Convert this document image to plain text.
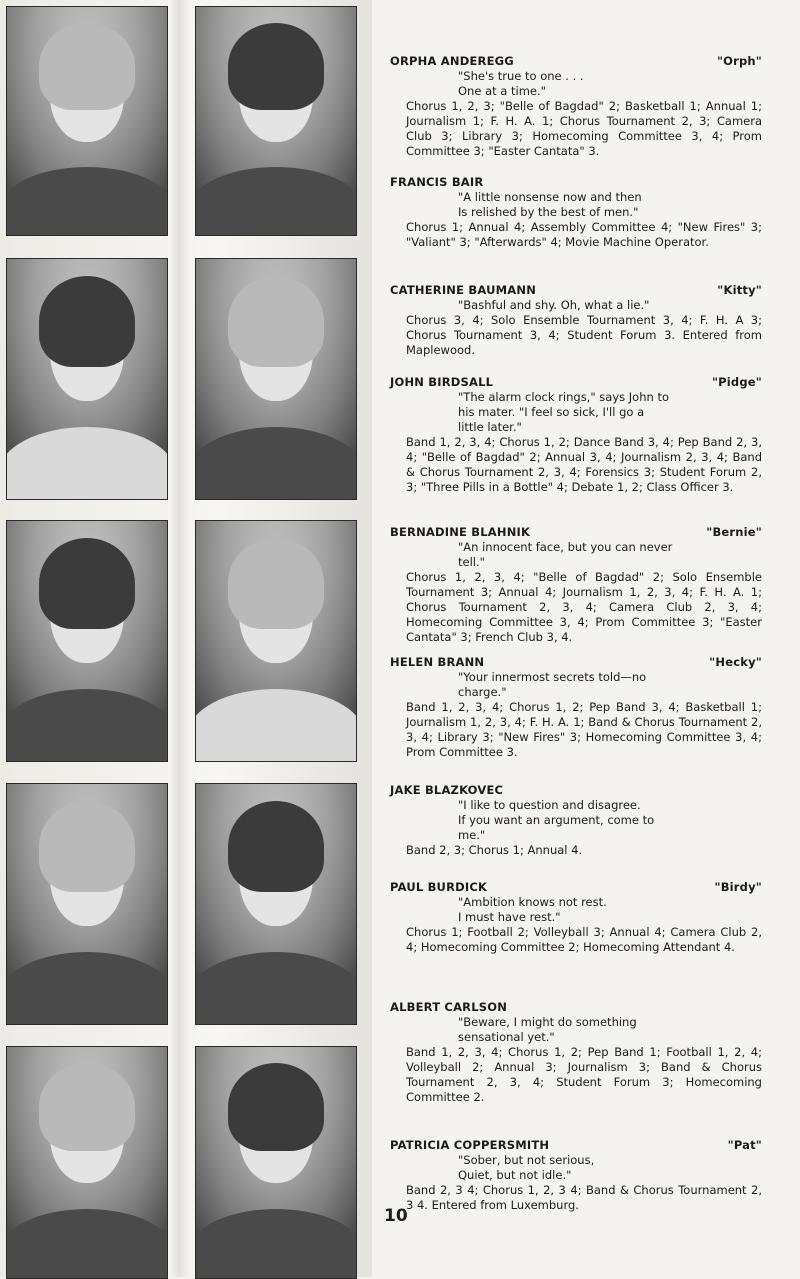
ORPHA ANDEREGG	"Orph"
"She's true to one . . .
One at a time."
Chorus 1, 2, 3; "Belle of Bagdad" 2; Basketball 1; Annual 1; Journalism 1; F. H. A. 1; Chorus Tournament 2, 3; Camera Club 3; Library 3; Homecoming Committee 3, 4; Prom Committee 3; "Easter Cantata" 3.
FRANCIS BAIR
"A little nonsense now and then
Is relished by the best of men."
Chorus 1; Annual 4; Assembly Committee 4; "New Fires" 3; "Valiant" 3; "Afterwards" 4; Movie Machine Operator.
CATHERINE BAUMANN	"Kitty"
"Bashful and shy. Oh, what a lie."
Chorus 3, 4; Solo Ensemble Tournament 3, 4; F. H. A 3; Chorus Tournament 3, 4; Student Forum 3. Entered from Maplewood.
JOHN BIRDSALL	"Pidge"
"The alarm clock rings," says John to
his mater. "I feel so sick, I'll go a
little later."
Band 1, 2, 3, 4; Chorus 1, 2; Dance Band 3, 4; Pep Band 2, 3, 4; "Belle of Bagdad" 2; Annual 3, 4; Journalism 2, 3, 4; Band & Chorus Tournament 2, 3, 4; Forensics 3; Student Forum 2, 3; "Three Pills in a Bottle" 4; Debate 1, 2; Class Officer 3.
BERNADINE BLAHNIK	"Bernie"
"An innocent face, but you can never
tell."
Chorus 1, 2, 3, 4; "Belle of Bagdad" 2; Solo Ensemble Tournament 3; Annual 4; Journalism 1, 2, 3, 4; F. H. A. 1; Chorus Tournament 2, 3, 4; Camera Club 2, 3, 4; Homecoming Committee 3, 4; Prom Committee 3; "Easter Cantata" 3; French Club 3, 4.
HELEN BRANN	"Hecky"
"Your innermost secrets told—no
charge."
Band 1, 2, 3, 4; Chorus 1, 2; Pep Band 3, 4; Basketball 1; Journalism 1, 2, 3, 4; F. H. A. 1; Band & Chorus Tournament 2, 3, 4; Library 3; "New Fires" 3; Homecoming Committee 3, 4; Prom Committee 3.
JAKE BLAZKOVEC
"I like to question and disagree.
If you want an argument, come to
me."
Band 2, 3; Chorus 1; Annual 4.
PAUL BURDICK	"Birdy"
"Ambition knows not rest.
I must have rest."
Chorus 1; Football 2; Volleyball 3; Annual 4; Camera Club 2, 4; Homecoming Committee 2; Homecoming Attendant 4.
ALBERT CARLSON
"Beware, I might do something
sensational yet."
Band 1, 2, 3, 4; Chorus 1, 2; Pep Band 1; Football 1, 2, 4; Volleyball 2; Annual 3; Journalism 3; Band & Chorus Tournament 2, 3, 4; Student Forum 3; Homecoming Committee 2.
PATRICIA COPPERSMITH	"Pat"
"Sober, but not serious,
Quiet, but not idle."
Band 2, 3 4; Chorus 1, 2, 3 4; Band & Chorus Tournament 2, 3 4. Entered from Luxemburg.
10
